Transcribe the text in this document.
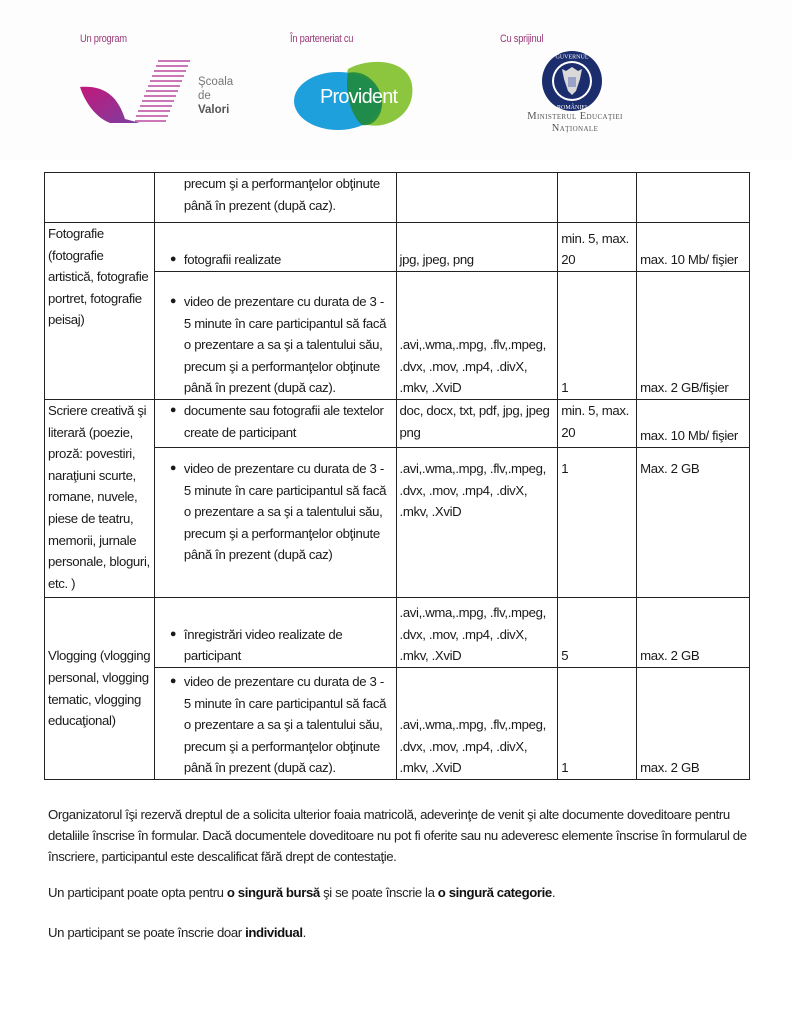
Un program
Şcoala
de Valori
În parteneriat cu
Provident
Cu sprijinul
GUVERNUL
ROMÂNIEI
Ministerul Educaţiei
Naţionale

	precum şi a performanţelor obţinute până în prezent (după caz).			

Fotografie (fotografie artistică, fotografie portret, fotografie peisaj)	● fotografii realizate	jpg, jpeg, png	min. 5, max. 20	max. 10 Mb/ fişier

	● video de prezentare cu durata de 3 - 5 minute în care participantul să facă o prezentare a sa şi a talentului său, precum şi a performanţelor obţinute până în prezent (după caz).	.avi,.wma,.mpg, .flv,.mpeg, .dvx, .mov, .mp4, .divX, .mkv, .XviD	1	max. 2 GB/fişier
Scriere creativă şi literară (poezie, proză: povestiri, naraţiuni scurte, romane, nuvele, piese de teatru, memorii, jurnale personale, bloguri, etc. )	● documente sau fotografii ale textelor create de participant	doc, docx, txt, pdf, jpg, jpeg png	min. 5, max. 20	max. 10 Mb/ fişier

	● video de prezentare cu durata de 3 - 5 minute în care participantul să facă o prezentare a sa şi a talentului său, precum şi a performanţelor obţinute până în prezent (după caz)	.avi,.wma,.mpg, .flv,.mpeg, .dvx, .mov, .mp4, .divX, .mkv, .XviD	1	Max. 2 GB
Vlogging (vlogging personal, vlogging tematic, vlogging educaţional)	● înregistrări video realizate de participant	.avi,.wma,.mpg, .flv,.mpeg, .dvx, .mov, .mp4, .divX, .mkv, .XviD	5	max. 2 GB

	● video de prezentare cu durata de 3 - 5 minute în care participantul să facă o prezentare a sa şi a talentului său, precum şi a performanţelor obţinute până în prezent (după caz).	.avi,.wma,.mpg, .flv,.mpeg, .dvx, .mov, .mp4, .divX, .mkv, .XviD	1	max. 2 GB

Organizatorul îşi rezervă dreptul de a solicita ulterior foaia matricolă, adeverinţe de venit şi alte documente doveditoare pentru detaliile înscrise în formular. Dacă documentele doveditoare nu pot fi oferite sau nu adeveresc elemente înscrise în formularul de înscriere, participantul este descalificat fără drept de contestaţie.

Un participant poate opta pentru o singură bursă şi se poate înscrie la o singură categorie.

Un participant se poate înscrie doar individual.
